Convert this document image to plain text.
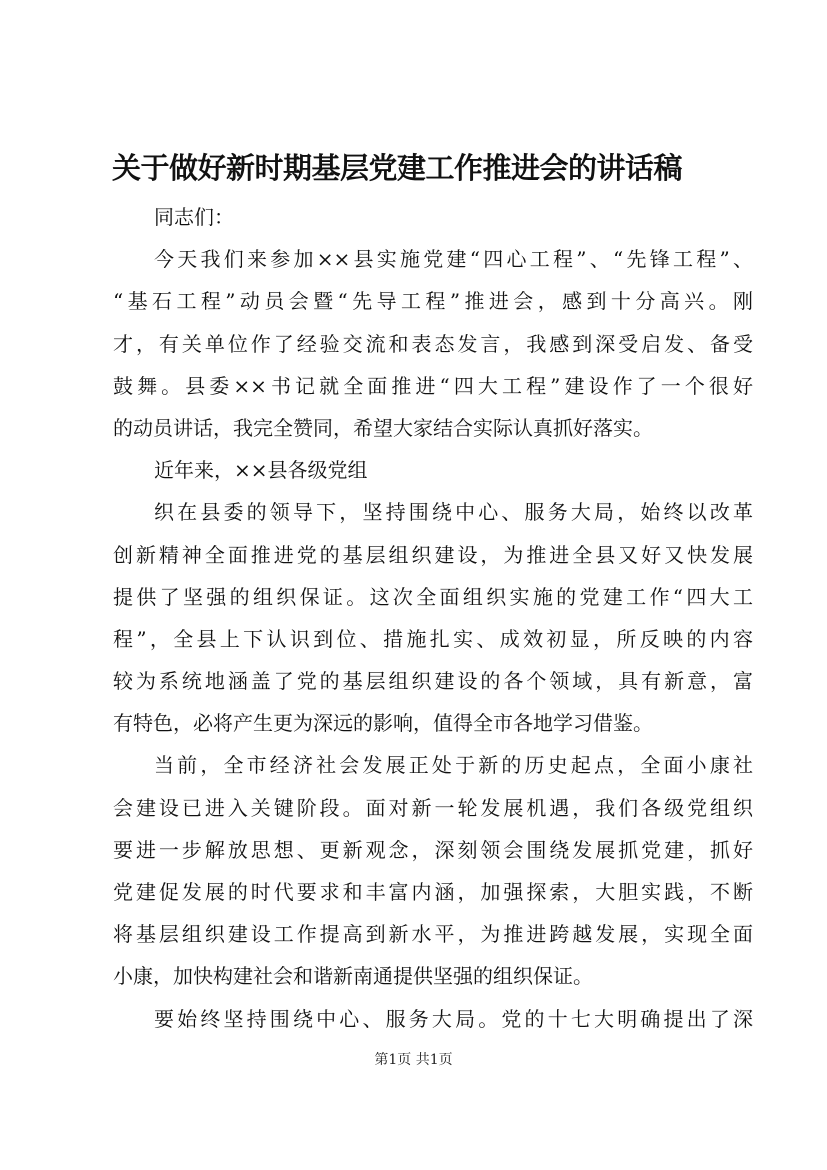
关于做好新时期基层党建工作推进会的讲话稿
同志们：
今天我们来参加××县实施党建“四心工程”、“先锋工程”、
“基石工程”动员会暨“先导工程”推进会，感到十分高兴。刚
才，有关单位作了经验交流和表态发言，我感到深受启发、备受
鼓舞。县委××书记就全面推进“四大工程”建设作了一个很好
的动员讲话，我完全赞同，希望大家结合实际认真抓好落实。
近年来，××县各级党组
织在县委的领导下，坚持围绕中心、服务大局，始终以改革
创新精神全面推进党的基层组织建设，为推进全县又好又快发展
提供了坚强的组织保证。这次全面组织实施的党建工作“四大工
程”，全县上下认识到位、措施扎实、成效初显，所反映的内容
较为系统地涵盖了党的基层组织建设的各个领域，具有新意，富
有特色，必将产生更为深远的影响，值得全市各地学习借鉴。
当前，全市经济社会发展正处于新的历史起点，全面小康社
会建设已进入关键阶段。面对新一轮发展机遇，我们各级党组织
要进一步解放思想、更新观念，深刻领会围绕发展抓党建，抓好
党建促发展的时代要求和丰富内涵，加强探索，大胆实践，不断
将基层组织建设工作提高到新水平，为推进跨越发展，实现全面
小康，加快构建社会和谐新南通提供坚强的组织保证。
要始终坚持围绕中心、服务大局。党的十七大明确提出了深
第1页 共1页
